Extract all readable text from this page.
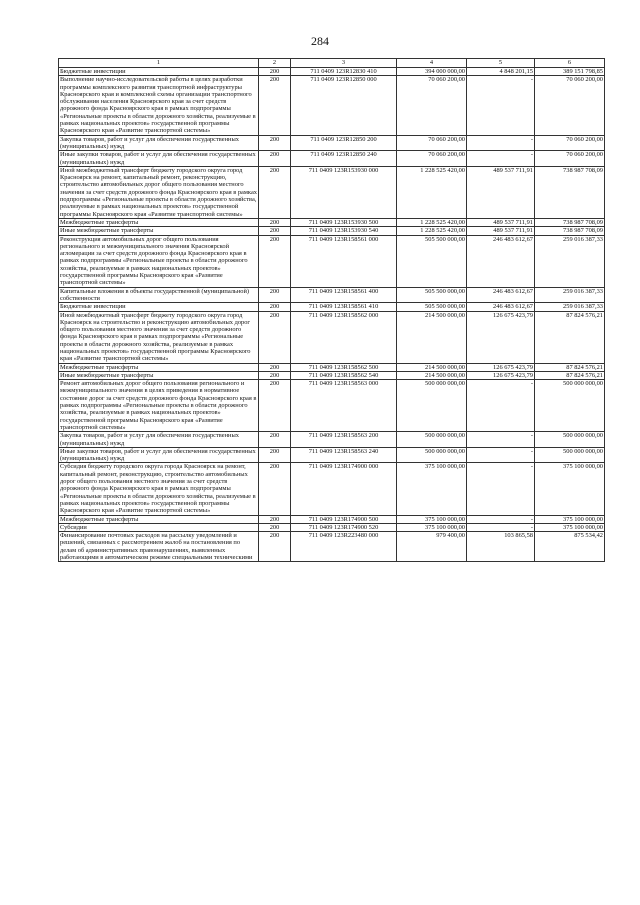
284
1	2	3	4	5	6
Бюджетные инвестиции	200	711 0409 123R12830 410	394 000 000,00	4 848 201,15	389 151 798,85
Выполнение научно-исследовательской работы в целях разработки программы комплексного развития транспортной инфраструктуры Красноярского края и комплексной схемы организации транспортного обслуживания населения Красноярского края за счет средств дорожного фонда Красноярского края в рамках подпрограммы «Региональные проекты в области дорожного хозяйства, реализуемые в рамках национальных проектов» государственной программы Красноярского края «Развитие транспортной системы»	200	711 0409 123R12850 000	70 060 200,00	-	70 060 200,00
Закупка товаров, работ и услуг для обеспечения государственных (муниципальных) нужд	200	711 0409 123R12850 200	70 060 200,00	-	70 060 200,00
Иные закупки товаров, работ и услуг для обеспечения государственных (муниципальных) нужд	200	711 0409 123R12850 240	70 060 200,00	-	70 060 200,00
Иной межбюджетный трансферт бюджету городского округа город Красноярск на ремонт, капитальный ремонт, реконструкцию, строительство автомобильных дорог общего пользования местного значения за счет средств дорожного фонда Красноярского края в рамках подпрограммы «Региональные проекты в области дорожного хозяйства, реализуемые в рамках национальных проектов» государственной программы Красноярского края «Развитие транспортной системы»	200	711 0409 123R153930 000	1 228 525 420,00	489 537 711,91	738 987 708,09
Межбюджетные трансферты	200	711 0409 123R153930 500	1 228 525 420,00	489 537 711,91	738 987 708,09
Иные межбюджетные трансферты	200	711 0409 123R153930 540	1 228 525 420,00	489 537 711,91	738 987 708,09
Реконструкция автомобильных дорог общего пользования регионального и межмуниципального значения Красноярской агломерации за счет средств дорожного фонда Красноярского края в рамках подпрограммы «Региональные проекты в области дорожного хозяйства, реализуемые в рамках национальных проектов» государственной программы Красноярского края «Развитие транспортной системы»	200	711 0409 123R158561 000	505 500 000,00	246 483 612,67	259 016 387,33
Капитальные вложения в объекты государственной (муниципальной) собственности	200	711 0409 123R158561 400	505 500 000,00	246 483 612,67	259 016 387,33
Бюджетные инвестиции	200	711 0409 123R158561 410	505 500 000,00	246 483 612,67	259 016 387,33
Иной межбюджетный трансферт бюджету городского округа город Красноярск на строительство и реконструкцию автомобильных дорог общего пользования местного значения за счет средств дорожного фонда Красноярского края в рамках подпрограммы «Региональные проекты в области дорожного хозяйства, реализуемые в рамках национальных проектов» государственной программы Красноярского края «Развитие транспортной системы»	200	711 0409 123R158562 000	214 500 000,00	126 675 423,79	87 824 576,21
Межбюджетные трансферты	200	711 0409 123R158562 500	214 500 000,00	126 675 423,79	87 824 576,21
Иные межбюджетные трансферты	200	711 0409 123R158562 540	214 500 000,00	126 675 423,79	87 824 576,21
Ремонт автомобильных дорог общего пользования регионального и межмуниципального значения в целях приведения в нормативное состояние дорог за счет средств дорожного фонда Красноярского края в рамках подпрограммы «Региональные проекты в области дорожного хозяйства, реализуемые в рамках национальных проектов» государственной программы Красноярского края «Развитие транспортной системы»	200	711 0409 123R158563 000	500 000 000,00	-	500 000 000,00
Закупка товаров, работ и услуг для обеспечения государственных (муниципальных) нужд	200	711 0409 123R158563 200	500 000 000,00	-	500 000 000,00
Иные закупки товаров, работ и услуг для обеспечения государственных (муниципальных) нужд	200	711 0409 123R158563 240	500 000 000,00	-	500 000 000,00
Субсидия бюджету городского округа города Красноярск на ремонт, капитальный ремонт, реконструкцию, строительство автомобильных дорог общего пользования местного значения за счет средств дорожного фонда Красноярского края в рамках подпрограммы «Региональные проекты в области дорожного хозяйства, реализуемые в рамках национальных проектов» государственной программы Красноярского края «Развитие транспортной системы»	200	711 0409 123R174900 000	375 100 000,00	-	375 100 000,00
Межбюджетные трансферты	200	711 0409 123R174900 500	375 100 000,00	-	375 100 000,00
Субсидии	200	711 0409 123R174900 520	375 100 000,00	-	375 100 000,00
Финансирование почтовых расходов на рассылку уведомлений и решений, связанных с рассмотрением жалоб на постановления по делам об административных правонарушениях, выявленных работающими в автоматическом режиме специальными техническими	200	711 0409 123R223480 000	979 400,00	103 865,58	875 534,42
